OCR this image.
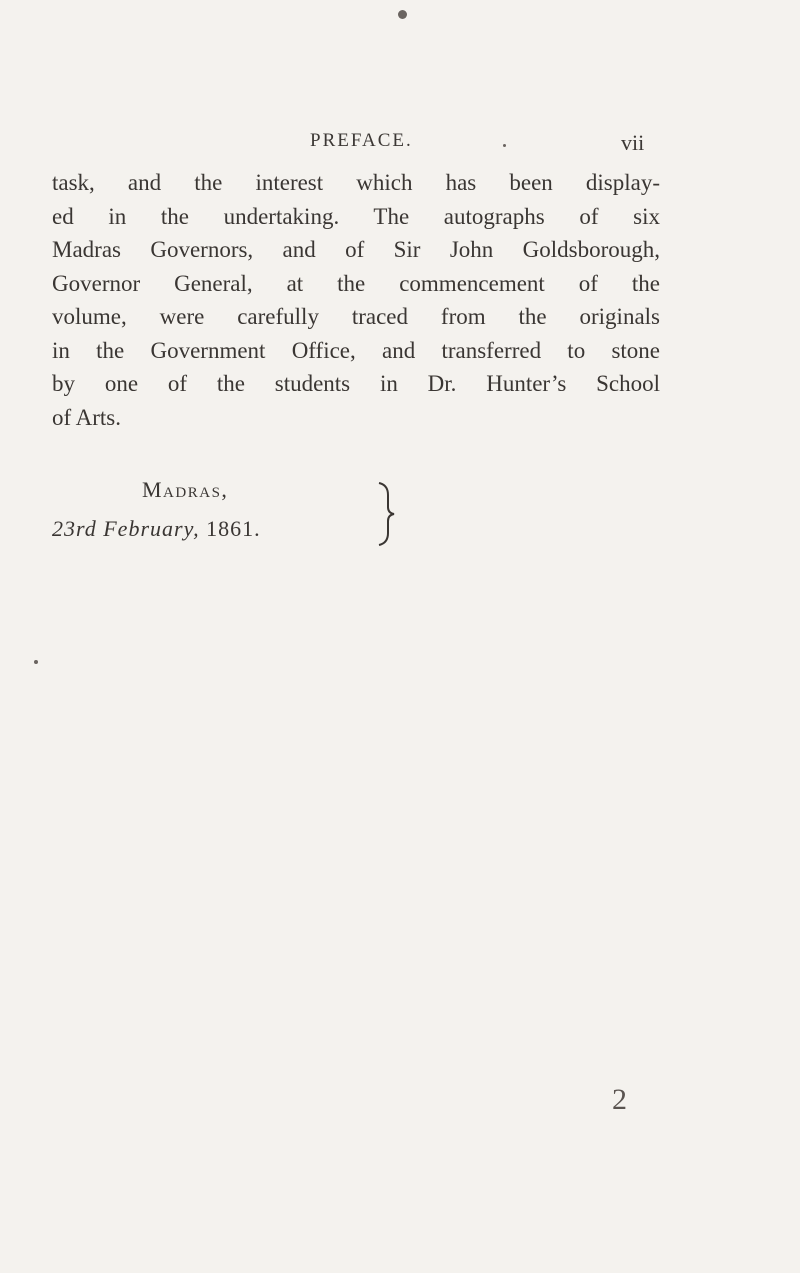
PREFACE.	vii
task, and the interest which has been display-
ed in the undertaking. The autographs of six
Madras Governors, and of Sir John Goldsborough,
Governor General, at the commencement of the
volume, were carefully traced from the originals
in the Government Office, and transferred to stone
by one of the students in Dr. Hunter’s School
of Arts.
Madras,
23rd February, 1861.
2
